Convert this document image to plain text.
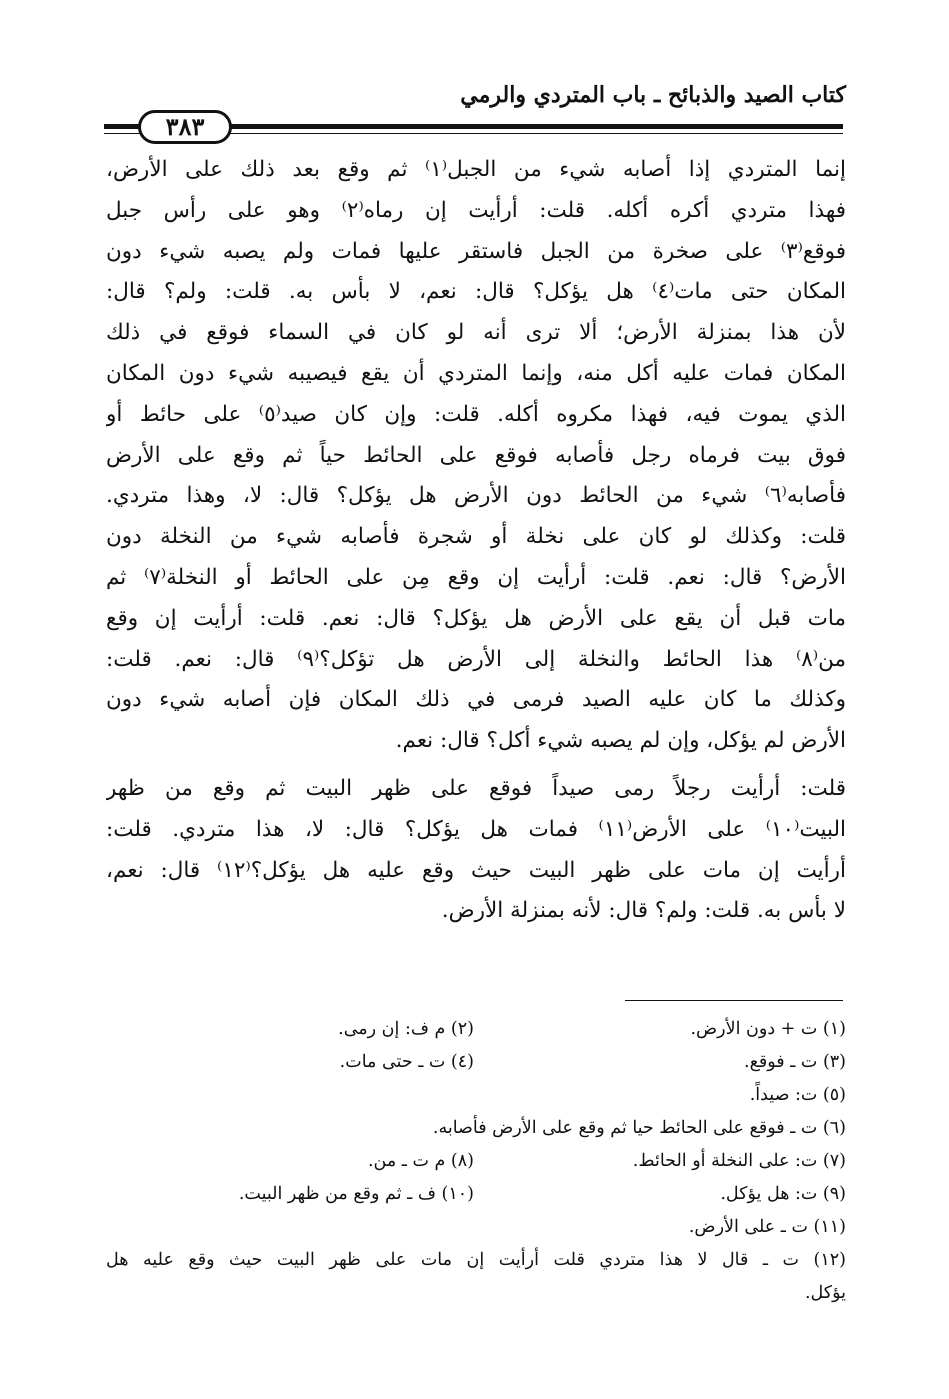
كتاب الصيد والذبائح ـ باب المتردي والرمي
٣٨٣
إنما المتردي إذا أصابه شيء من الجبل⁽١⁾ ثم وقع بعد ذلك على الأرض،
فهذا متردي أكره أكله. قلت: أرأيت إن رماه⁽٢⁾ وهو على رأس جبل
فوقع⁽٣⁾ على صخرة من الجبل فاستقر عليها فمات ولم يصبه شيء دون
المكان حتى مات⁽٤⁾ هل يؤكل؟ قال: نعم، لا بأس به. قلت: ولم؟ قال:
لأن هذا بمنزلة الأرض؛ ألا ترى أنه لو كان في السماء فوقع في ذلك
المكان فمات عليه أكل منه، وإنما المتردي أن يقع فيصيبه شيء دون المكان
الذي يموت فيه، فهذا مكروه أكله. قلت: وإن كان صيد⁽٥⁾ على حائط أو
فوق بيت فرماه رجل فأصابه فوقع على الحائط حياً ثم وقع على الأرض
فأصابه⁽٦⁾ شيء من الحائط دون الأرض هل يؤكل؟ قال: لا، وهذا متردي.
قلت: وكذلك لو كان على نخلة أو شجرة فأصابه شيء من النخلة دون
الأرض؟ قال: نعم. قلت: أرأيت إن وقع مِن على الحائط أو النخلة⁽٧⁾ ثم
مات قبل أن يقع على الأرض هل يؤكل؟ قال: نعم. قلت: أرأيت إن وقع
من⁽٨⁾ هذا الحائط والنخلة إلى الأرض هل تؤكل؟⁽٩⁾ قال: نعم. قلت:
وكذلك ما كان عليه الصيد فرمى في ذلك المكان فإن أصابه شيء دون
الأرض لم يؤكل، وإن لم يصبه شيء أكل؟ قال: نعم.
قلت: أرأيت رجلاً رمى صيداً فوقع على ظهر البيت ثم وقع من ظهر
البيت⁽١٠⁾ على الأرض⁽١١⁾ فمات هل يؤكل؟ قال: لا، هذا متردي. قلت:
أرأيت إن مات على ظهر البيت حيث وقع عليه هل يؤكل؟⁽١٢⁾ قال: نعم،
لا بأس به. قلت: ولم؟ قال: لأنه بمنزلة الأرض.
(١) ت + دون الأرض.
(٢) م ف: إن رمى.
(٣) ت ـ فوقع.
(٤) ت ـ حتى مات.
(٥) ت: صيداً.
(٦) ت ـ فوقع على الحائط حيا ثم وقع على الأرض فأصابه.
(٧) ت: على النخلة أو الحائط.
(٨) م ت ـ من.
(٩) ت: هل يؤكل.
(١٠) ف ـ ثم وقع من ظهر البيت.
(١١) ت ـ على الأرض.
(١٢) ت ـ قال لا هذا متردي قلت أرأيت إن مات على ظهر البيت حيث وقع عليه هل
يؤكل.
